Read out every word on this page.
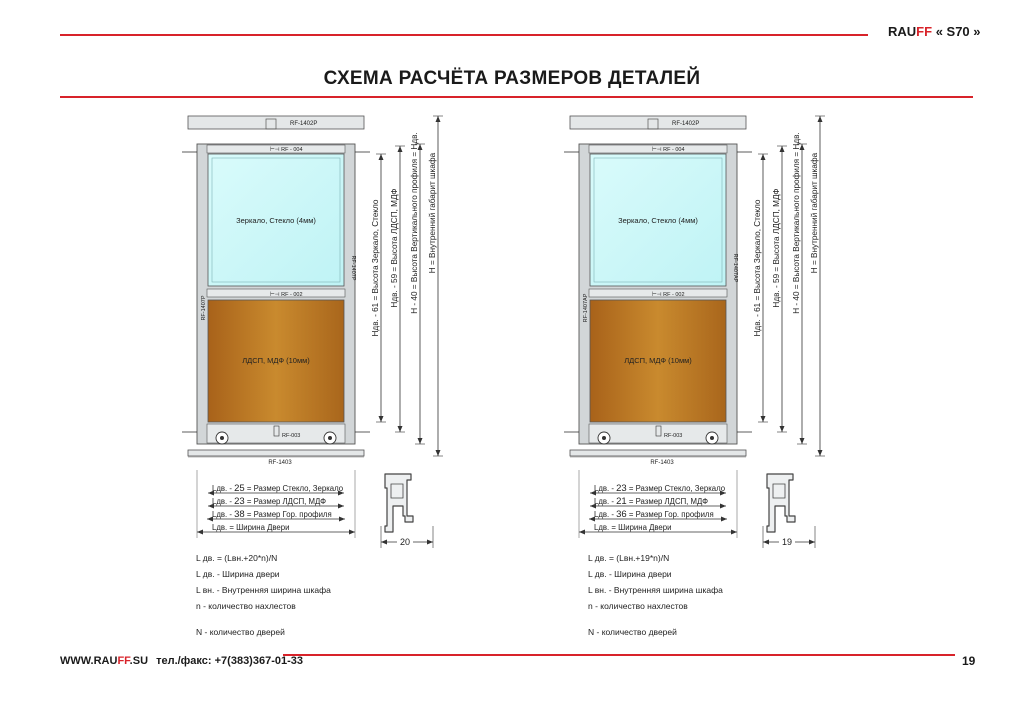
RAUFF « S70 »
СХЕМА РАСЧЁТА РАЗМЕРОВ ДЕТАЛЕЙ
RF-1402P
⊢⊣ RF - 004
Зеркало, Стекло (4мм)
⊢⊣ RF - 002
ЛДСП, МДФ (10мм)
RF-003
RF-1407P
RF-1407P
RF-1403
Ндв. - 61 = Высота Зеркало, Стекло Ндв. - 59 = Высота ЛДСП, МДФ Н - 40 = Высота Вертикального профиля = Ндв. Н = Внутренний габарит шкафа
Lдв. - 25 = Размер Стекло, Зеркало
Lдв. - 23 = Размер ЛДСП, МДФ
Lдв. - 38 = Размер Гор. профиля
Lдв. = Ширина Двери
20
L дв. = (Lвн.+20*n)/N
L дв. - Ширина двери
L вн. - Внутренняя ширина шкафа
n - количество нахлестов
N - количество дверей
RF-1402P
⊢⊣ RF - 004
Зеркало, Стекло (4мм)
⊢⊣ RF - 002
ЛДСП, МДФ (10мм)
RF-003
RF-1407AP
RF-1407AP
RF-1403
Ндв. - 61 = Высота Зеркало, Стекло Ндв. - 59 = Высота ЛДСП, МДФ Н - 40 = Высота Вертикального профиля = Ндв. Н = Внутренний габарит шкафа
Lдв. - 23 = Размер Стекло, Зеркало
Lдв. - 21 = Размер ЛДСП, МДФ
Lдв. - 36 = Размер Гор. профиля
Lдв. = Ширина Двери
19
L дв. = (Lвн.+19*n)/N
L дв. - Ширина двери
L вн. - Внутренняя ширина шкафа
n - количество нахлестов
N - количество дверей
WWW.RAUFF.SU тел./факс: +7(383)367-01-33	19
